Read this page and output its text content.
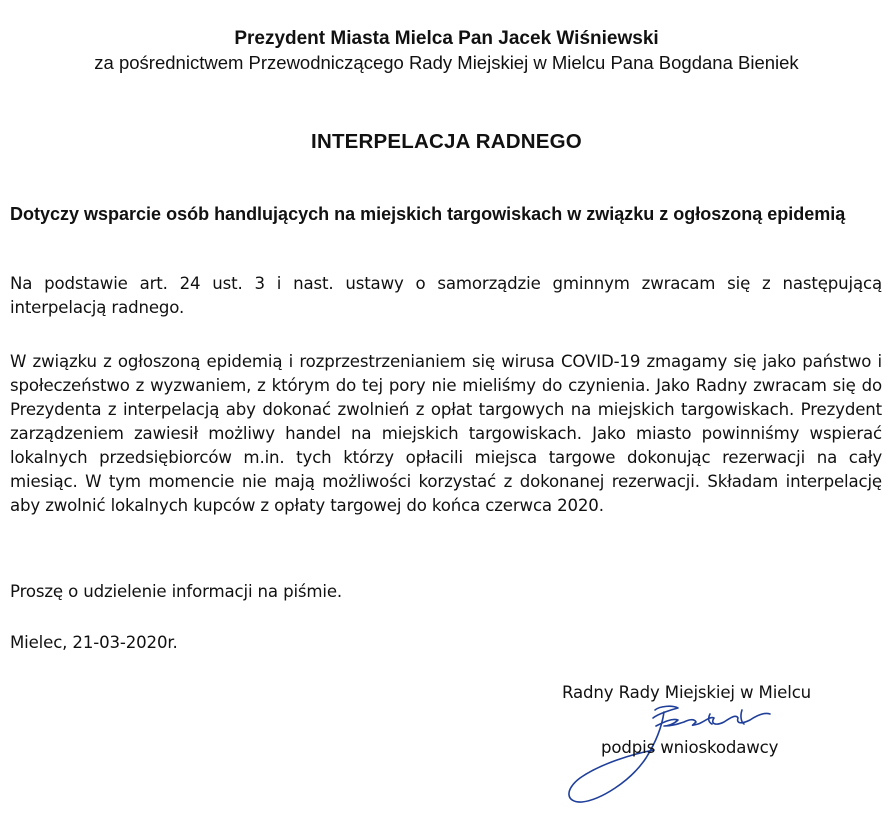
Prezydent Miasta Mielca Pan Jacek Wiśniewski
za pośrednictwem Przewodniczącego Rady Miejskiej w Mielcu Pana Bogdana Bieniek
INTERPELACJA RADNEGO
Dotyczy wsparcie osób handlujących na miejskich targowiskach w związku z ogłoszoną epidemią
Na podstawie art. 24 ust. 3 i nast. ustawy o samorządzie gminnym zwracam się z następującą interpelacją radnego.
W związku z ogłoszoną epidemią i rozprzestrzenianiem się wirusa COVID-19 zmagamy się jako państwo i społeczeństwo z wyzwaniem, z którym do tej pory nie mieliśmy do czynienia. Jako Radny zwracam się do Prezydenta z interpelacją aby dokonać zwolnień z opłat targowych na miejskich targowiskach. Prezydent zarządzeniem zawiesił możliwy handel na miejskich targowiskach. Jako miasto powinniśmy wspierać lokalnych przedsiębiorców m.in. tych którzy opłacili miejsca targowe dokonując rezerwacji na cały miesiąc. W tym momencie nie mają możliwości korzystać z dokonanej rezerwacji. Składam interpelację aby zwolnić lokalnych kupców z opłaty targowej do końca czerwca 2020.
Proszę o udzielenie informacji na piśmie.
Mielec, 21-03-2020r.
Radny Rady Miejskiej w Mielcu
podpis wnioskodawcy
